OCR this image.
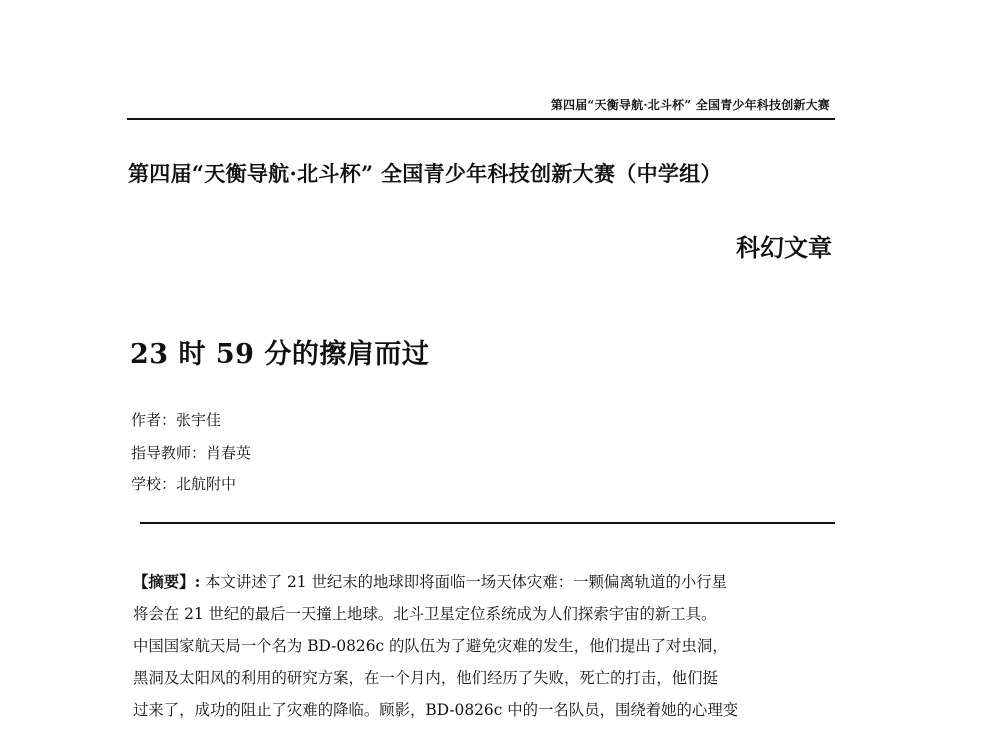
第四届“天衡导航·北斗杯” 全国青少年科技创新大赛
第四届“天衡导航·北斗杯” 全国青少年科技创新大赛（中学组）
科幻文章
23 时 59 分的擦肩而过
作者：张宇佳
指导教师：肖春英
学校：北航附中
【摘要】: 本文讲述了 21 世纪末的地球即将面临一场天体灾难：一颗偏离轨道的小行星
将会在 21 世纪的最后一天撞上地球。北斗卫星定位系统成为人们探索宇宙的新工具。
中国国家航天局一个名为 BD-0826c 的队伍为了避免灾难的发生，他们提出了对虫洞，
黑洞及太阳风的利用的研究方案，在一个月内，他们经历了失败，死亡的打击，他们挺
过来了，成功的阻止了灾难的降临。顾影，BD-0826c 中的一名队员，围绕着她的心理变
